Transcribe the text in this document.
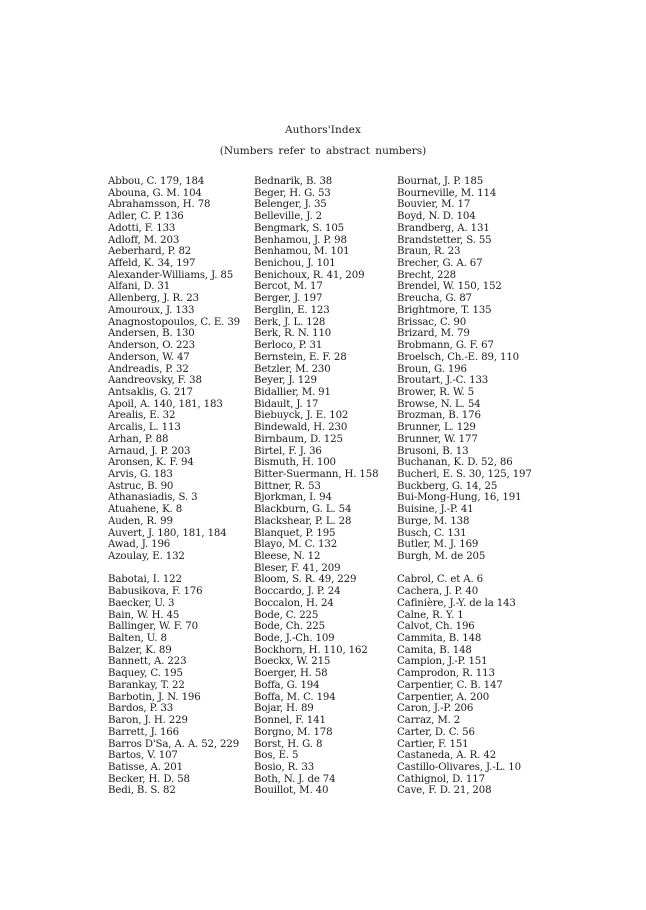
Authors'Index
(Numbers refer to abstract numbers)
Abbou, C. 179, 184
Abouna, G. M. 104
Abrahamsson, H. 78
Adler, C. P. 136
Adotti, F. 133
Adloff, M. 203
Aeberhard, P. 82
Affeld, K. 34, 197
Alexander-Williams, J. 85
Alfani, D. 31
Allenberg, J. R. 23
Amouroux, J. 133
Anagnostopoulos, C. E. 39
Andersen, B. 130
Anderson, O. 223
Anderson, W. 47
Andreadis, P. 32
Aandreovsky, F. 38
Antsaklis, G. 217
Apoil, A. 140, 181, 183
Arealis, E. 32
Arcalis, L. 113
Arhan, P. 88
Arnaud, J. P. 203
Aronsen, K. F. 94
Arvis, G. 183
Astruc, B. 90
Athanasiadis, S. 3
Atuahene, K. 8
Auden, R. 99
Auvert, J. 180, 181, 184
Awad, J. 196
Azoulay, E. 132
Babotai, I. 122
Babusikova, F. 176
Baecker, U. 3
Bain, W. H. 45
Ballinger, W. F. 70
Balten, U. 8
Balzer, K. 89
Bannett, A. 223
Baquey, C. 195
Barankay, T. 22
Barbotin, J. N. 196
Bardos, P. 33
Baron, J. H. 229
Barrett, J. 166
Barros D'Sa, A. A. 52, 229
Bartos, V. 107
Batisse, A. 201
Becker, H. D. 58
Bedi, B. S. 82
Bednarik, B. 38
Beger, H. G. 53
Belenger, J. 35
Belleville, J. 2
Bengmark, S. 105
Benhamou, J. P. 98
Benhamou, M. 101
Benichou, J. 101
Benichoux, R. 41, 209
Bercot, M. 17
Berger, J. 197
Berglin, E. 123
Berk, J. L. 128
Berk, R. N. 110
Berloco, P. 31
Bernstein, E. F. 28
Betzler, M. 230
Beyer, J. 129
Bidallier, M. 91
Bidault, J. 17
Biebuyck, J. E. 102
Bindewald, H. 230
Birnbaum, D. 125
Birtel, F. J. 36
Bismuth, H. 100
Bitter-Suermann, H. 158
Bittner, R. 53
Bjorkman, I. 94
Blackburn, G. L. 54
Blackshear, P. L. 28
Blanquet, P. 195
Blayo, M. C. 132
Bleese, N. 12
Bleser, F. 41, 209
Bloom, S. R. 49, 229
Boccardo, J. P. 24
Boccalon, H. 24
Bode, C. 225
Bode, Ch. 225
Bode, J.-Ch. 109
Bockhorn, H. 110, 162
Boeckx, W. 215
Boerger, H. 58
Boffa, G. 194
Boffa, M. C. 194
Bojar, H. 89
Bonnel, F. 141
Borgno, M. 178
Borst, H. G. 8
Bos, E. 5
Bosio, R. 33
Both, N. J. de 74
Bouillot, M. 40
Bournat, J. P. 185
Bourneville, M. 114
Bouvier, M. 17
Boyd, N. D. 104
Brandberg, A. 131
Brandstetter, S. 55
Braun, R. 23
Brecher, G. A. 67
Brecht, 228
Brendel, W. 150, 152
Breucha, G. 87
Brightmore, T. 135
Brissac, C. 90
Brizard, M. 79
Brobmann, G. F. 67
Broelsch, Ch.-E. 89, 110
Broun, G. 196
Broutart, J.-C. 133
Brower, R. W. 5
Browse, N. L. 54
Brozman, B. 176
Brunner, L. 129
Brunner, W. 177
Brusoni, B. 13
Buchanan, K. D. 52, 86
Bucherl, E. S. 30, 125, 197
Buckberg, G. 14, 25
Bui-Mong-Hung, 16, 191
Buisine, J.-P. 41
Burge, M. 138
Busch, C. 131
Butler, M. J. 169
Burgh, M. de 205
Cabrol, C. et A. 6
Cachera, J. P. 40
Cafinière, J.-Y. de la 143
Calne, R. Y. 1
Calvot, Ch. 196
Cammita, B. 148
Camita, B. 148
Campion, J.-P. 151
Camprodon, R. 113
Carpentier, C. B. 147
Carpentier, A. 200
Caron, J.-P. 206
Carraz, M. 2
Carter, D. C. 56
Cartier, F. 151
Castaneda, A. R. 42
Castillo-Olivares, J.-L. 10
Cathignol, D. 117
Cave, F. D. 21, 208
